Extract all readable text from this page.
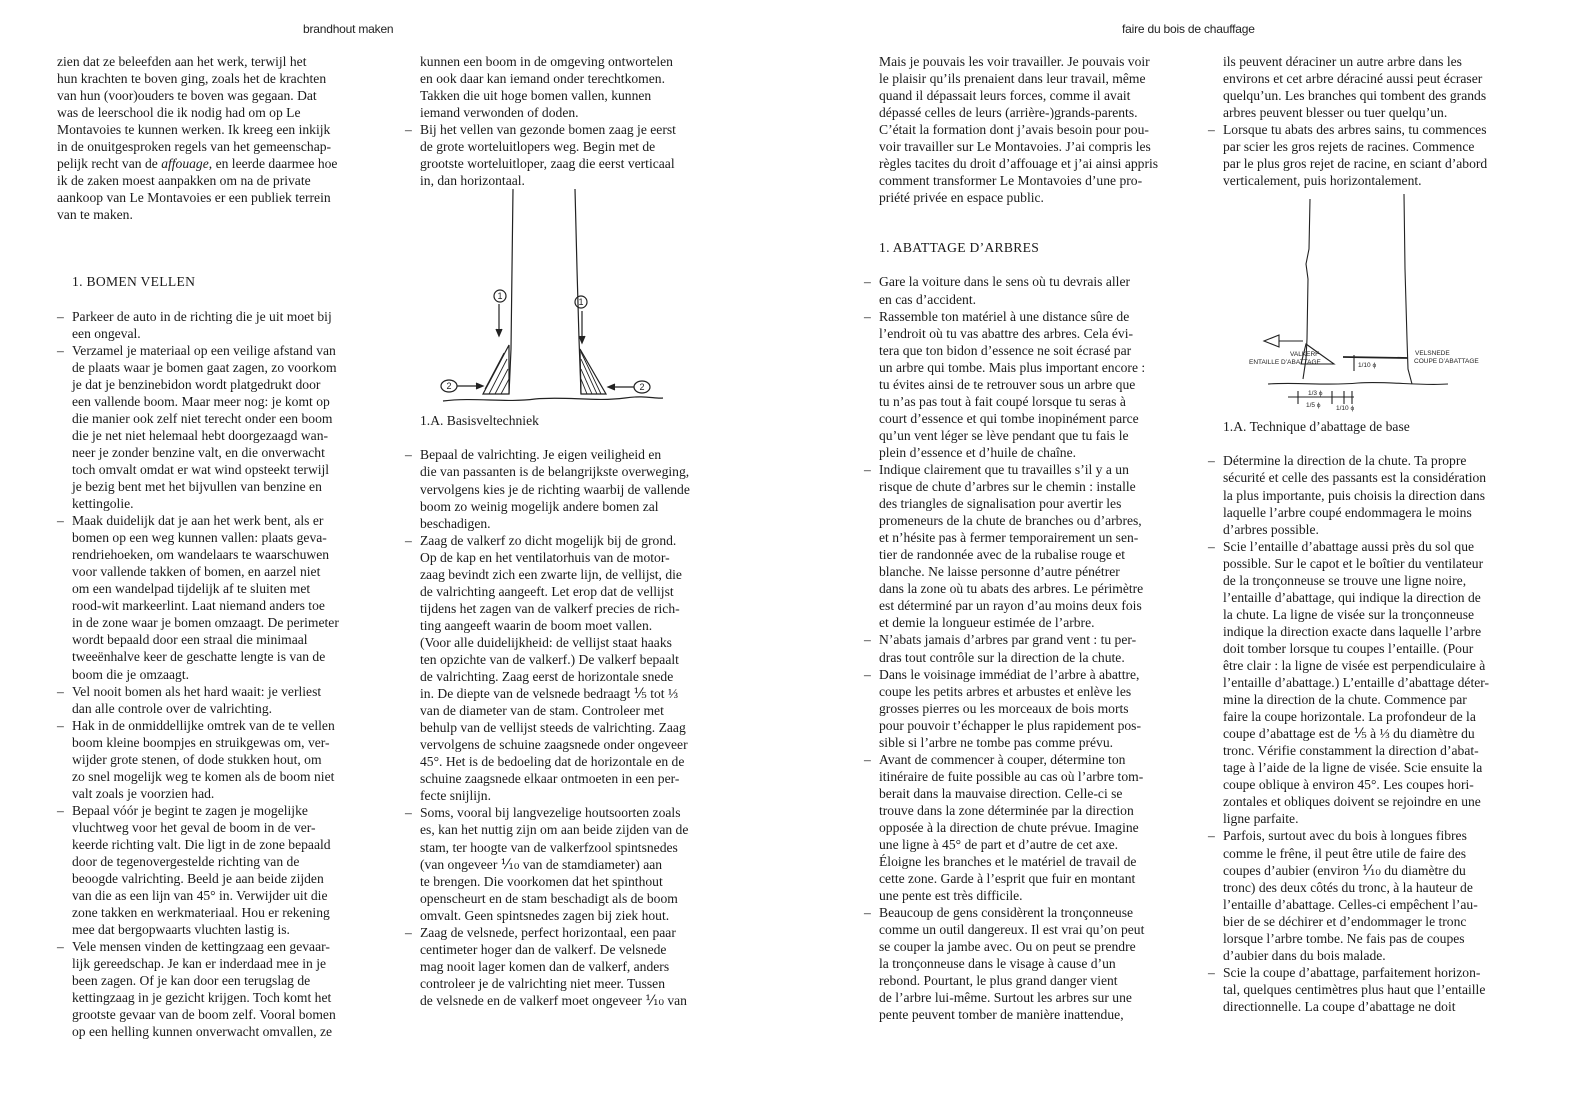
brandhout maken	faire du bois de chauffage
zien dat ze beleefden aan het werk, terwijl het
hun krachten te boven ging, zoals het de krachten
van hun (voor)ouders te boven was gegaan. Dat
was de leerschool die ik nodig had om op Le
Montavoies te kunnen werken. Ik kreeg een inkijk
in de onuitgesproken regels van het gemeenschap-
pelijk recht van de affouage, en leerde daarmee hoe
ik de zaken moest aanpakken om na de private
aankoop van Le Montavoies er een publiek terrein
van te maken.
1. BOMEN VELLEN
– Parkeer de auto in de richting die je uit moet bij
een ongeval.
– Verzamel je materiaal op een veilige afstand van
de plaats waar je bomen gaat zagen, zo voorkom
je dat je benzinebidon wordt platgedrukt door
een vallende boom. Maar meer nog: je komt op
die manier ook zelf niet terecht onder een boom
die je net niet helemaal hebt doorgezaagd wan-
neer je zonder benzine valt, en die onverwacht
toch omvalt omdat er wat wind opsteekt terwijl
je bezig bent met het bijvullen van benzine en
kettingolie.
– Maak duidelijk dat je aan het werk bent, als er
bomen op een weg kunnen vallen: plaats geva-
rendriehoeken, om wandelaars te waarschuwen
voor vallende takken of bomen, en aarzel niet
om een wandelpad tijdelijk af te sluiten met
rood-wit markeerlint. Laat niemand anders toe
in de zone waar je bomen omzaagt. De perimeter
wordt bepaald door een straal die minimaal
tweeënhalve keer de geschatte lengte is van de
boom die je omzaagt.
– Vel nooit bomen als het hard waait: je verliest
dan alle controle over de valrichting.
– Hak in de onmiddellijke omtrek van de te vellen
boom kleine boompjes en struikgewas om, ver-
wijder grote stenen, of dode stukken hout, om
zo snel mogelijk weg te komen als de boom niet
valt zoals je voorzien had.
– Bepaal vóór je begint te zagen je mogelijke
vluchtweg voor het geval de boom in de ver-
keerde richting valt. Die ligt in de zone bepaald
door de tegenovergestelde richting van de
beoogde valrichting. Beeld je aan beide zijden
van die as een lijn van 45° in. Verwijder uit die
zone takken en werkmateriaal. Hou er rekening
mee dat bergopwaarts vluchten lastig is.
– Vele mensen vinden de kettingzaag een gevaar-
lijk gereedschap. Je kan er inderdaad mee in je
been zagen. Of je kan door een terugslag de
kettingzaag in je gezicht krijgen. Toch komt het
grootste gevaar van de boom zelf. Vooral bomen
op een helling kunnen onverwacht omvallen, ze
kunnen een boom in de omgeving ontwortelen
en ook daar kan iemand onder terechtkomen.
Takken die uit hoge bomen vallen, kunnen
iemand verwonden of doden.
– Bij het vellen van gezonde bomen zaag je eerst
de grote worteluitlopers weg. Begin met de
grootste worteluitloper, zaag die eerst verticaal
in, dan horizontaal.
1
2
1
2
1.A. Basisveltechniek
– Bepaal de valrichting. Je eigen veiligheid en
die van passanten is de belangrijkste overweging,
vervolgens kies je de richting waarbij de vallende
boom zo weinig mogelijk andere bomen zal
beschadigen.
– Zaag de valkerf zo dicht mogelijk bij de grond.
Op de kap en het ventilatorhuis van de motor-
zaag bevindt zich een zwarte lijn, de vellijst, die
de valrichting aangeeft. Let erop dat de vellijst
tijdens het zagen van de valkerf precies de rich-
ting aangeeft waarin de boom moet vallen.
(Voor alle duidelijkheid: de vellijst staat haaks
ten opzichte van de valkerf.) De valkerf bepaalt
de valrichting. Zaag eerst de horizontale snede
in. De diepte van de velsnede bedraagt ⅕ tot ⅓
van de diameter van de stam. Controleer met
behulp van de vellijst steeds de valrichting. Zaag
vervolgens de schuine zaagsnede onder ongeveer
45°. Het is de bedoeling dat de horizontale en de
schuine zaagsnede elkaar ontmoeten in een per-
fecte snijlijn.
– Soms, vooral bij langvezelige houtsoorten zoals
es, kan het nuttig zijn om aan beide zijden van de
stam, ter hoogte van de valkerfzool spintsnedes
(van ongeveer ⅒ van de stamdiameter) aan
te brengen. Die voorkomen dat het spinthout
openscheurt en de stam beschadigt als de boom
omvalt. Geen spintsnedes zagen bij ziek hout.
– Zaag de velsnede, perfect horizontaal, een paar
centimeter hoger dan de valkerf. De velsnede
mag nooit lager komen dan de valkerf, anders
controleer je de valrichting niet meer. Tussen
de velsnede en de valkerf moet ongeveer ⅒ van
Mais je pouvais les voir travailler. Je pouvais voir
le plaisir qu’ils prenaient dans leur travail, même
quand il dépassait leurs forces, comme il avait
dépassé celles de leurs (arrière-)grands-parents.
C’était la formation dont j’avais besoin pour pou-
voir travailler sur Le Montavoies. J’ai compris les
règles tacites du droit d’affouage et j’ai ainsi appris
comment transformer Le Montavoies d’une pro-
priété privée en espace public.
1. ABATTAGE D’ARBRES
– Gare la voiture dans le sens où tu devrais aller
en cas d’accident.
– Rassemble ton matériel à une distance sûre de
l’endroit où tu vas abattre des arbres. Cela évi-
tera que ton bidon d’essence ne soit écrasé par
un arbre qui tombe. Mais plus important encore :
tu évites ainsi de te retrouver sous un arbre que
tu n’as pas tout à fait coupé lorsque tu seras à
court d’essence et qui tombe inopinément parce
qu’un vent léger se lève pendant que tu fais le
plein d’essence et d’huile de chaîne.
– Indique clairement que tu travailles s’il y a un
risque de chute d’arbres sur le chemin : installe
des triangles de signalisation pour avertir les
promeneurs de la chute de branches ou d’arbres,
et n’hésite pas à fermer temporairement un sen-
tier de randonnée avec de la rubalise rouge et
blanche. Ne laisse personne d’autre pénétrer
dans la zone où tu abats des arbres. Le périmètre
est déterminé par un rayon d’au moins deux fois
et demie la longueur estimée de l’arbre.
– N’abats jamais d’arbres par grand vent : tu per-
dras tout contrôle sur la direction de la chute.
– Dans le voisinage immédiat de l’arbre à abattre,
coupe les petits arbres et arbustes et enlève les
grosses pierres ou les morceaux de bois morts
pour pouvoir t’échapper le plus rapidement pos-
sible si l’arbre ne tombe pas comme prévu.
– Avant de commencer à couper, détermine ton
itinéraire de fuite possible au cas où l’arbre tom-
berait dans la mauvaise direction. Celle-ci se
trouve dans la zone déterminée par la direction
opposée à la direction de chute prévue. Imagine
une ligne à 45° de part et d’autre de cet axe.
Éloigne les branches et le matériel de travail de
cette zone. Garde à l’esprit que fuir en montant
une pente est très difficile.
– Beaucoup de gens considèrent la tronçonneuse
comme un outil dangereux. Il est vrai qu’on peut
se couper la jambe avec. Ou on peut se prendre
la tronçonneuse dans le visage à cause d’un
rebond. Pourtant, le plus grand danger vient
de l’arbre lui-même. Surtout les arbres sur une
pente peuvent tomber de manière inattendue,
ils peuvent déraciner un autre arbre dans les
environs et cet arbre déraciné aussi peut écraser
quelqu’un. Les branches qui tombent des grands
arbres peuvent blesser ou tuer quelqu’un.
– Lorsque tu abats des arbres sains, tu commences
par scier les gros rejets de racines. Commence
par le plus gros rejet de racine, en sciant d’abord
verticalement, puis horizontalement.
VALKERF
ENTAILLE D’ABATTAGE
VELSNEDE
COUPE D’ABATTAGE
1/10 ϕ
1/3 ϕ
1/5 ϕ 1/10 ϕ
1.A. Technique d’abattage de base
– Détermine la direction de la chute. Ta propre
sécurité et celle des passants est la considération
la plus importante, puis choisis la direction dans
laquelle l’arbre coupé endommagera le moins
d’arbres possible.
– Scie l’entaille d’abattage aussi près du sol que
possible. Sur le capot et le boîtier du ventilateur
de la tronçonneuse se trouve une ligne noire,
l’entaille d’abattage, qui indique la direction de
la chute. La ligne de visée sur la tronçonneuse
indique la direction exacte dans laquelle l’arbre
doit tomber lorsque tu coupes l’entaille. (Pour
être clair : la ligne de visée est perpendiculaire à
l’entaille d’abattage.) L’entaille d’abattage déter-
mine la direction de la chute. Commence par
faire la coupe horizontale. La profondeur de la
coupe d’abattage est de ⅕ à ⅓ du diamètre du
tronc. Vérifie constamment la direction d’abat-
tage à l’aide de la ligne de visée. Scie ensuite la
coupe oblique à environ 45°. Les coupes hori-
zontales et obliques doivent se rejoindre en une
ligne parfaite.
– Parfois, surtout avec du bois à longues fibres
comme le frêne, il peut être utile de faire des
coupes d’aubier (environ ⅒ du diamètre du
tronc) des deux côtés du tronc, à la hauteur de
l’entaille d’abattage. Celles-ci empêchent l’au-
bier de se déchirer et d’endommager le tronc
lorsque l’arbre tombe. Ne fais pas de coupes
d’aubier dans du bois malade.
– Scie la coupe d’abattage, parfaitement horizon-
tal, quelques centimètres plus haut que l’entaille
directionnelle. La coupe d’abattage ne doit
